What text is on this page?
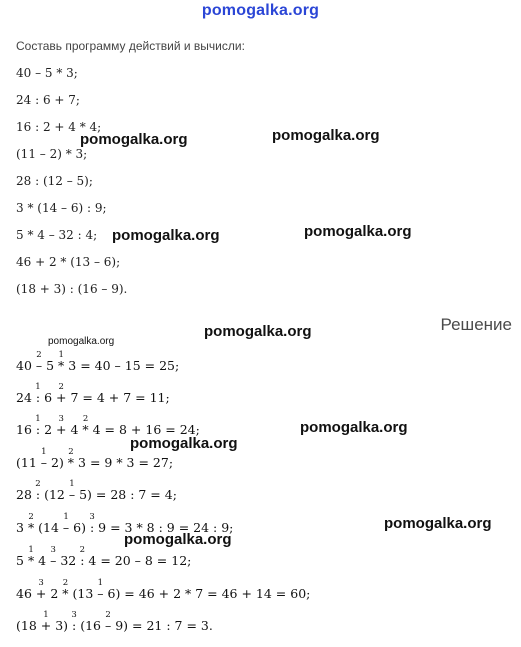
pomogalka.org
Составь программу действий и вычисли:
40 – 5 * 3;
24 : 6 + 7;
16 : 2 + 4 * 4;
(11 – 2) * 3;
28 : (12 – 5);
3 * (14 – 6) : 9;
5 * 4 – 32 : 4;
46 + 2 * (13 – 6);
(18 + 3) : (16 – 9).
pomogalka.org	pomogalka.org
pomogalka.org	pomogalka.org
pomogalka.org
pomogalka.org
pomogalka.org
pomogalka.org
pomogalka.org
pomogalka.org
Решение
40
2
– 5
1
* 3 = 40 – 15 = 25;
24
1
: 6
2
+ 7 = 4 + 7 = 11;
16
1
: 2
3
+ 4
2
* 4 = 8 + 16 = 24;
(11
1
– 2)
2
* 3 = 9 * 3 = 27;
28
2
: (12
1
– 5) = 28 : 7 = 4;
3
2
* (14
1
– 6)
3
: 9 = 3 * 8 : 9 = 24 : 9;
5
1
* 4
3
– 32
2
: 4 = 20 – 8 = 12;
46
3
+ 2
2
* (13
1
– 6) = 46 + 2 * 7 = 46 + 14 = 60;
(18
1
+ 3)
3
: (16
2
– 9) = 21 : 7 = 3.
